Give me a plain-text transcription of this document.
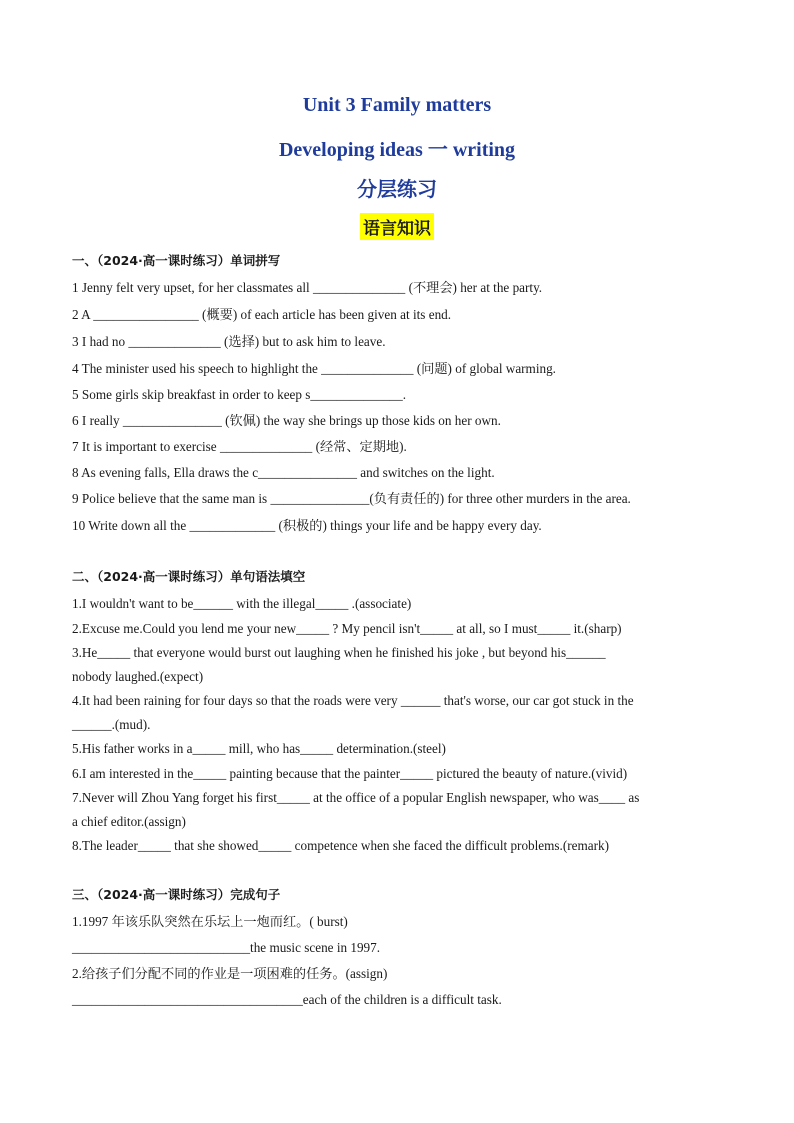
Unit 3 Family matters
Developing ideas 一 writing
分层练习
语言知识
一、（2024·高一课时练习）单词拼写
1 Jenny felt very upset, for her classmates all ______________ (不理会) her at the party.
2 A ________________ (概要) of each article has been given at its end.
3 I had no ______________ (选择) but to ask him to leave.
4 The minister used his speech to highlight the ______________ (问题) of global warming.
5 Some girls skip breakfast in order to keep s______________.
6 I really _______________ (钦佩) the way she brings up those kids on her own.
7 It is important to exercise ______________ (经常、定期地).
8 As evening falls, Ella draws the c_______________ and switches on the light.
9 Police believe that the same man is _______________(负有责任的) for three other murders in the area.
10 Write down all the _____________ (积极的) things your life and be happy every day.
二、（2024·高一课时练习）单句语法填空
1.I wouldn't want to be______ with the illegal_____ .(associate)
2.Excuse me.Could you lend me your new_____ ? My pencil isn't_____ at all, so I must_____ it.(sharp)
3.He_____ that everyone would burst out laughing when he finished his joke , but beyond his______
nobody laughed.(expect)
4.It had been raining for four days so that the roads were very ______ that's worse, our car got stuck in the
______.(mud).
5.His father works in a_____ mill, who has_____ determination.(steel)
6.I am interested in the_____ painting because that the painter_____ pictured the beauty of nature.(vivid)
7.Never will Zhou Yang forget his first_____ at the office of a popular English newspaper, who was____ as
a chief editor.(assign)
8.The leader_____ that she showed_____ competence when she faced the difficult problems.(remark)
三、（2024·高一课时练习）完成句子
1.1997 年该乐队突然在乐坛上一炮而红。( burst)
___________________________the music scene in 1997.
2.给孩子们分配不同的作业是一项困难的任务。(assign)
___________________________________each of the children is a difficult task.
